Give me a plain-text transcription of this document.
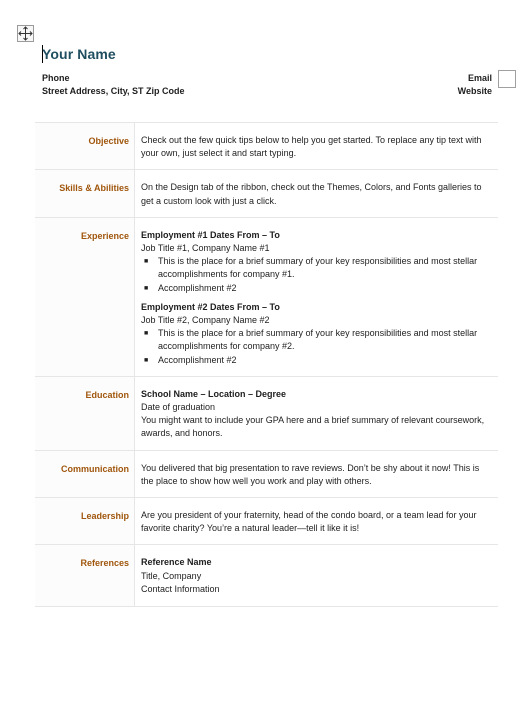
Your Name
Phone
Street Address, City, ST Zip Code
Email
Website
Objective	Check out the few quick tips below to help you get started. To replace any tip text with your own, just select it and start typing.
Skills & Abilities	On the Design tab of the ribbon, check out the Themes, Colors, and Fonts galleries to get a custom look with just a click.
Experience	Employment #1 Dates From – To
Job Title #1, Company Name #1
■	This is the place for a brief summary of your key responsibilities and most stellar accomplishments for company #1.
■	Accomplishment #2
Employment #2 Dates From – To
Job Title #2, Company Name #2
■	This is the place for a brief summary of your key responsibilities and most stellar accomplishments for company #2.
■	Accomplishment #2
Education	School Name – Location – Degree
Date of graduation
You might want to include your GPA here and a brief summary of relevant coursework, awards, and honors.
Communication	You delivered that big presentation to rave reviews. Don’t be shy about it now! This is the place to show how well you work and play with others.
Leadership	Are you president of your fraternity, head of the condo board, or a team lead for your favorite charity? You’re a natural leader—tell it like it is!
References	Reference Name
Title, Company
Contact Information
